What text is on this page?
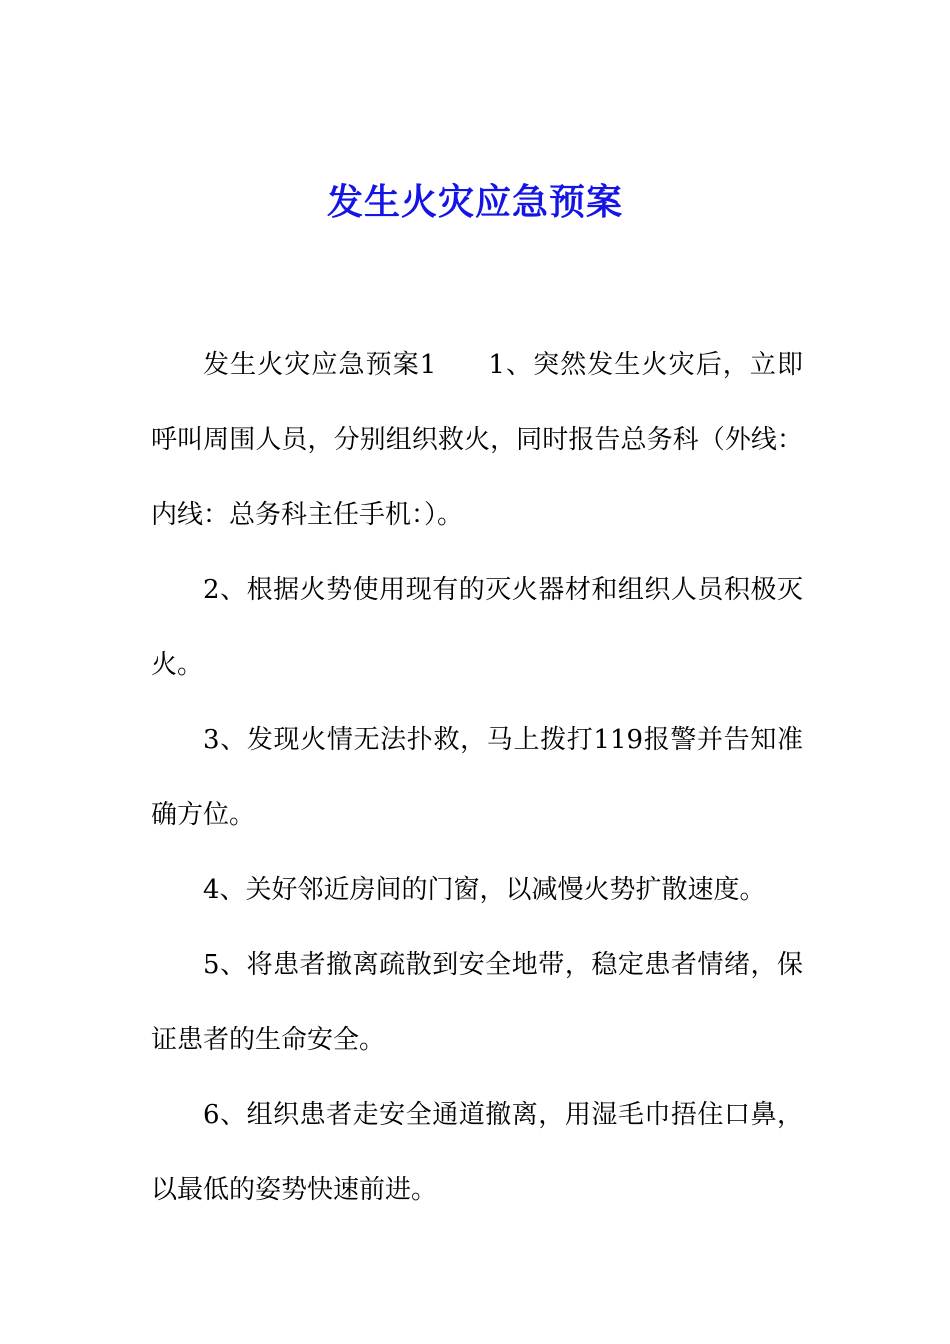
发生火灾应急预案

发生火灾应急预案1 1、突然发生火灾后，立即呼叫周围人员，分别组织救火，同时报告总务科（外线：内线：总务科主任手机：）。

2、根据火势使用现有的灭火器材和组织人员积极灭火。

3、发现火情无法扑救，马上拨打119报警并告知准确方位。

4、关好邻近房间的门窗，以减慢火势扩散速度。

5、将患者撤离疏散到安全地带，稳定患者情绪，保证患者的生命安全。

6、组织患者走安全通道撤离，用湿毛巾捂住口鼻，以最低的姿势快速前进。
